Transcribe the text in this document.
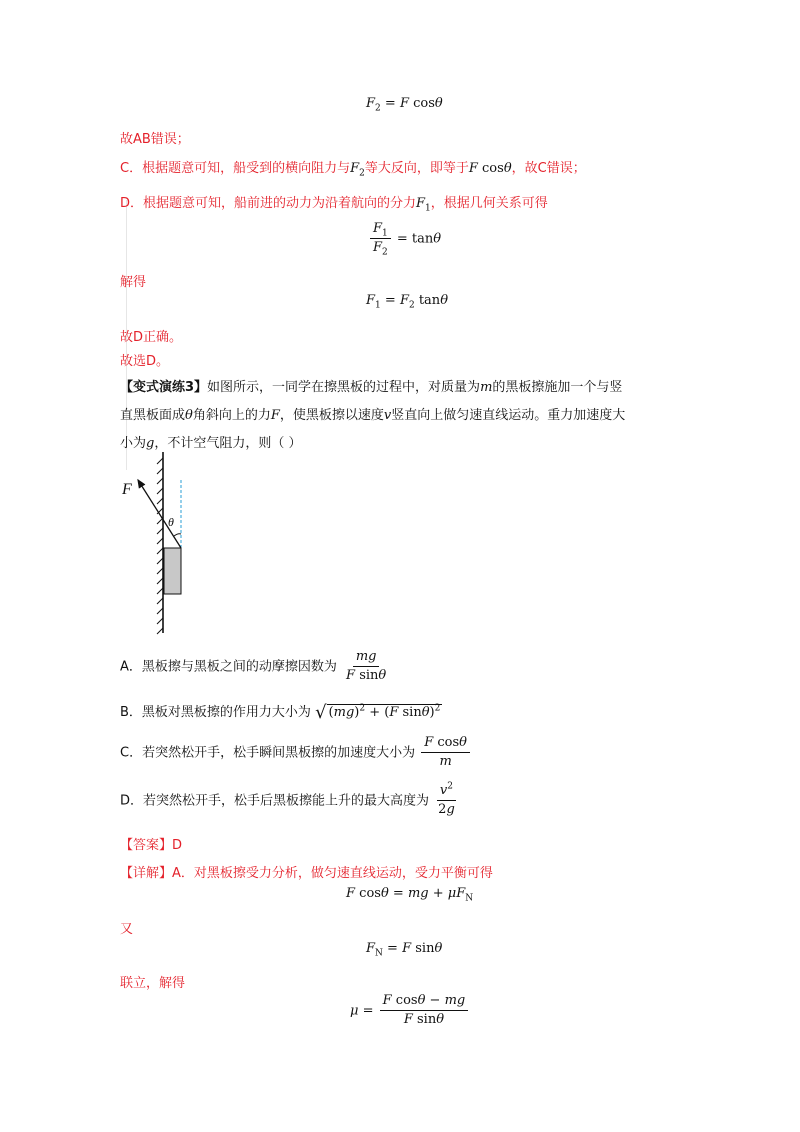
$F_2 = F$ cosθ
故AB错误；
C．根据题意可知，船受到的横向阻力与$F_2$等大反向，即等于F cosθ，故C错误；
D．根据题意可知，船前进的动力为沿着航向的分力$F_1$，根据几何关系可得
$\frac{F_1}{F_2} = \tan\theta$
解得
$F_1 = F_2$ tanθ
故D正确。
故选D。
【变式演练3】如图所示，一同学在擦黑板的过程中，对质量为m的黑板擦施加一个与竖
直黑板面成θ角斜向上的力F，使黑板擦以速度v竖直向上做匀速直线运动。重力加速度大
小为g，不计空气阻力，则（ ）
F
θ
A．黑板擦与黑板之间的动摩擦因数为 $\frac{mg}{\text{F sinθ}}$
B．黑板对黑板擦的作用力大小为 √ (mg)$^2$ + (F sinθ)$^2$
C．若突然松开手，松手瞬间黑板擦的加速度大小为 $\frac{\text{F cosθ}}{m}$
D．若突然松开手，松手后黑板擦能上升的最大高度为 $\frac{v^2}{2g}$
【答案】D
【详解】A．对黑板擦受力分析，做匀速直线运动，受力平衡可得
F cosθ = mg + $\mu F_N$
又
$F_N = F$ sinθ
联立，解得
$\mu = \frac{\text{F cosθ − mg}}{\text{F sinθ}}$
